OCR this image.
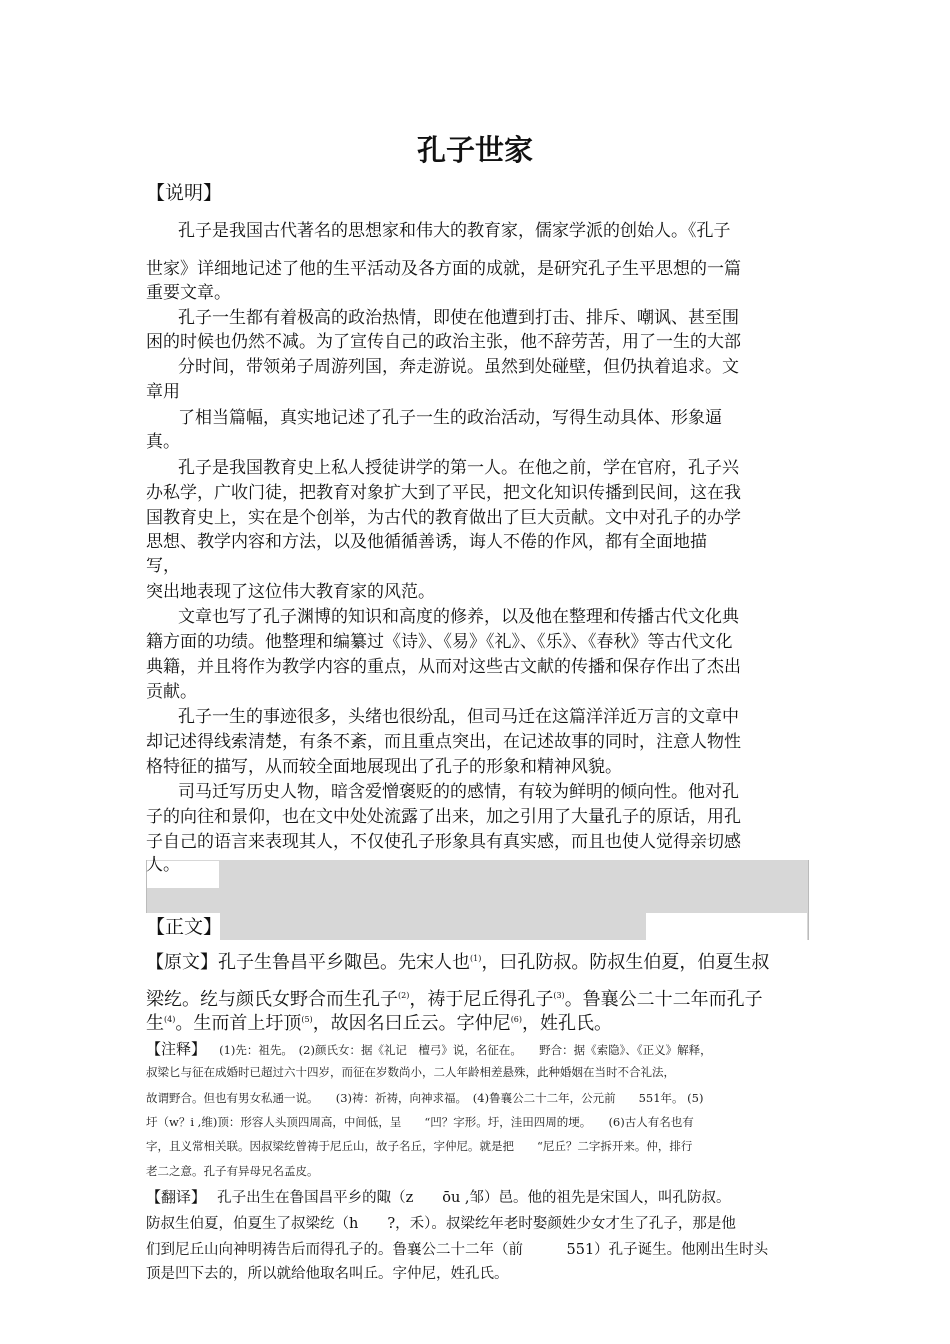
孔子世家
【说明】
孔子是我国古代著名的思想家和伟大的教育家，儒家学派的创始人。《孔子
世家》详细地记述了他的生平活动及各方面的成就，是研究孔子生平思想的一篇
重要文章。
孔子一生都有着极高的政治热情，即使在他遭到打击、排斥、嘲讽、甚至围
困的时候也仍然不减。为了宣传自己的政治主张，他不辞劳苦，用了一生的大部
分时间，带领弟子周游列国，奔走游说。虽然到处碰壁，但仍执着追求。文
章用
了相当篇幅，真实地记述了孔子一生的政治活动，写得生动具体、形象逼
真。
孔子是我国教育史上私人授徒讲学的第一人。在他之前，学在官府，孔子兴
办私学，广收门徒，把教育对象扩大到了平民，把文化知识传播到民间，这在我
国教育史上，实在是个创举，为古代的教育做出了巨大贡献。文中对孔子的办学
思想、教学内容和方法，以及他循循善诱，诲人不倦的作风，都有全面地描
写，
突出地表现了这位伟大教育家的风范。
文章也写了孔子渊博的知识和高度的修养，以及他在整理和传播古代文化典
籍方面的功绩。他整理和编纂过《诗》、《易》《礼》、《乐》、《春秋》等古代文化
典籍，并且将作为教学内容的重点，从而对这些古文献的传播和保存作出了杰出
贡献。
孔子一生的事迹很多，头绪也很纷乱，但司马迁在这篇洋洋近万言的文章中
却记述得线索清楚，有条不紊，而且重点突出，在记述故事的同时，注意人物性
格特征的描写，从而较全面地展现出了孔子的形象和精神风貌。
司马迁写历史人物，暗含爱憎褒贬的的感情，有较为鲜明的倾向性。他对孔
子的向往和景仰，也在文中处处流露了出来，加之引用了大量孔子的原话，用孔
子自己的语言来表现其人，不仅使孔子形象具有真实感，而且也使人觉得亲切感
人。
【正文】
【原文】孔子生鲁昌平乡陬邑。先宋人也$^{(1)}$，曰孔防叔。防叔生伯夏，伯夏生叔
梁纥。纥与颜氏女野合而生孔子$^{(2)}$，祷于尼丘得孔子$^{(3)}$。鲁襄公二十二年而孔子
生$^{(4)}$。生而首上圩顶$^{(5)}$，故因名曰丘云。字仲尼$^{(6)}$，姓孔氏。
【注释】 (1)先：祖先。　(2)颜氏女：据《礼记　檀弓》说，名征在。　　野合：据《索隐》、《正义》解释，
叔梁匕与征在成婚时已超过六十四岁，而征在岁数尚小，二人年龄相差悬殊，此种婚姻在当时不合礼法，
故谓野合。但也有男女私通一说。　　(3)祷：祈祷，向神求福。　(4)鲁襄公二十二年，公元前　　551年。 (5)
圩（w？i ,维)顶：形容人头顶四周高，中间低，呈　　“凹？字形。圩，洼田四周的埂。　　(6)古人有名也有
字，且义常相关联。因叔梁纥曾祷于尼丘山，故子名丘，字仲尼。就是把　　“尼丘？二字拆开来。仲，排行
老二之意。孔子有异母兄名孟皮。
【翻译】 孔子出生在鲁国昌平乡的陬（z　　ōu ,邹）邑。他的祖先是宋国人，叫孔防叔。
防叔生伯夏，伯夏生了叔梁纥（h　　?，禾）。叔梁纥年老时娶颜姓少女才生了孔子，那是他
们到尼丘山向神明祷告后而得孔子的。鲁襄公二十二年（前　　　551）孔子诞生。他刚出生时头
顶是凹下去的，所以就给他取名叫丘。字仲尼，姓孔氏。
